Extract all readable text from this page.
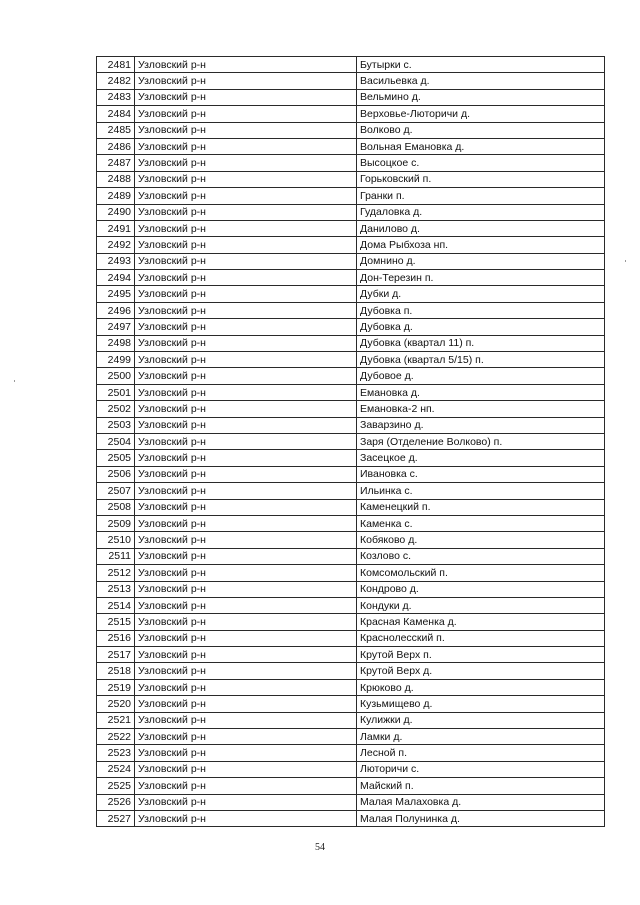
2481	Узловский р-н	Бутырки с.
2482	Узловский р-н	Васильевка д.
2483	Узловский р-н	Вельмино д.
2484	Узловский р-н	Верховье-Люторичи д.
2485	Узловский р-н	Волково д.
2486	Узловский р-н	Вольная Емановка д.
2487	Узловский р-н	Высоцкое с.
2488	Узловский р-н	Горьковский п.
2489	Узловский р-н	Гранки п.
2490	Узловский р-н	Гудаловка д.
2491	Узловский р-н	Данилово д.
2492	Узловский р-н	Дома Рыбхоза нп.
2493	Узловский р-н	Домнино д.
2494	Узловский р-н	Дон-Терезин п.
2495	Узловский р-н	Дубки д.
2496	Узловский р-н	Дубовка п.
2497	Узловский р-н	Дубовка д.
2498	Узловский р-н	Дубовка (квартал 11) п.
2499	Узловский р-н	Дубовка (квартал 5/15) п.
2500	Узловский р-н	Дубовое д.
2501	Узловский р-н	Емановка д.
2502	Узловский р-н	Емановка-2 нп.
2503	Узловский р-н	Заварзино д.
2504	Узловский р-н	Заря (Отделение Волково) п.
2505	Узловский р-н	Засецкое д.
2506	Узловский р-н	Ивановка с.
2507	Узловский р-н	Ильинка с.
2508	Узловский р-н	Каменецкий п.
2509	Узловский р-н	Каменка с.
2510	Узловский р-н	Кобяково д.
2511	Узловский р-н	Козлово с.
2512	Узловский р-н	Комсомольский п.
2513	Узловский р-н	Кондрово д.
2514	Узловский р-н	Кондуки д.
2515	Узловский р-н	Красная Каменка д.
2516	Узловский р-н	Краснолесский п.
2517	Узловский р-н	Крутой Верх п.
2518	Узловский р-н	Крутой Верх д.
2519	Узловский р-н	Крюково д.
2520	Узловский р-н	Кузьмищево д.
2521	Узловский р-н	Кулижки д.
2522	Узловский р-н	Ламки д.
2523	Узловский р-н	Лесной п.
2524	Узловский р-н	Люторичи с.
2525	Узловский р-н	Майский п.
2526	Узловский р-н	Малая Малаховка д.
2527	Узловский р-н	Малая Полунинка д.
54
